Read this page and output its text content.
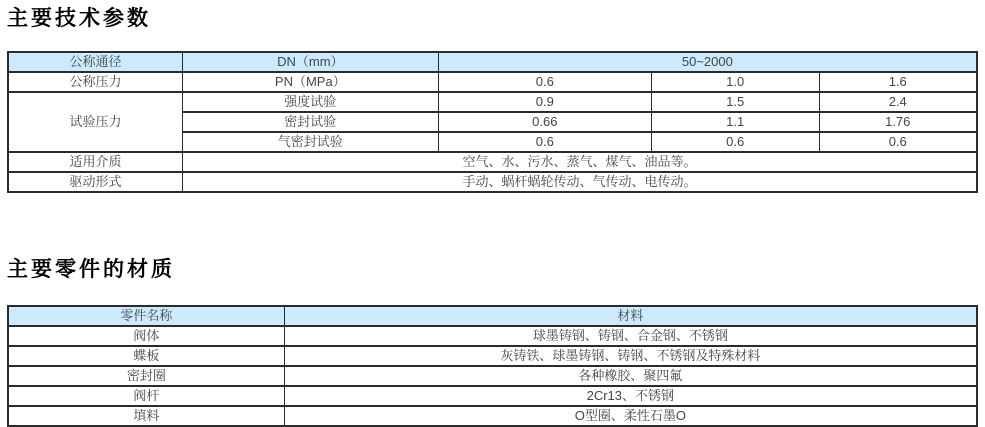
主要技术参数
公称通径	DN（mm）	50~2000		
公称压力	PN（MPa）	0.6	1.0	1.6
试验压力	强度试验	0.9	1.5	2.4
	密封试验	0.66	1.1	1.76
	气密封试验	0.6	0.6	0.6
适用介质	空气、水、污水、蒸气、煤气、油品等。			
驱动形式	手动、蜗杆蜗轮传动、气传动、电传动。			
主要零件的材质
零件名称	材料
阀体	球墨铸钢、铸钢、合金钢、不锈钢
蝶板	灰铸铁、球墨铸钢、铸钢、不锈钢及特殊材料
密封圈	各种橡胶、聚四氟
阀杆	2Cr13、不锈钢
填料	O型圈、柔性石墨O
